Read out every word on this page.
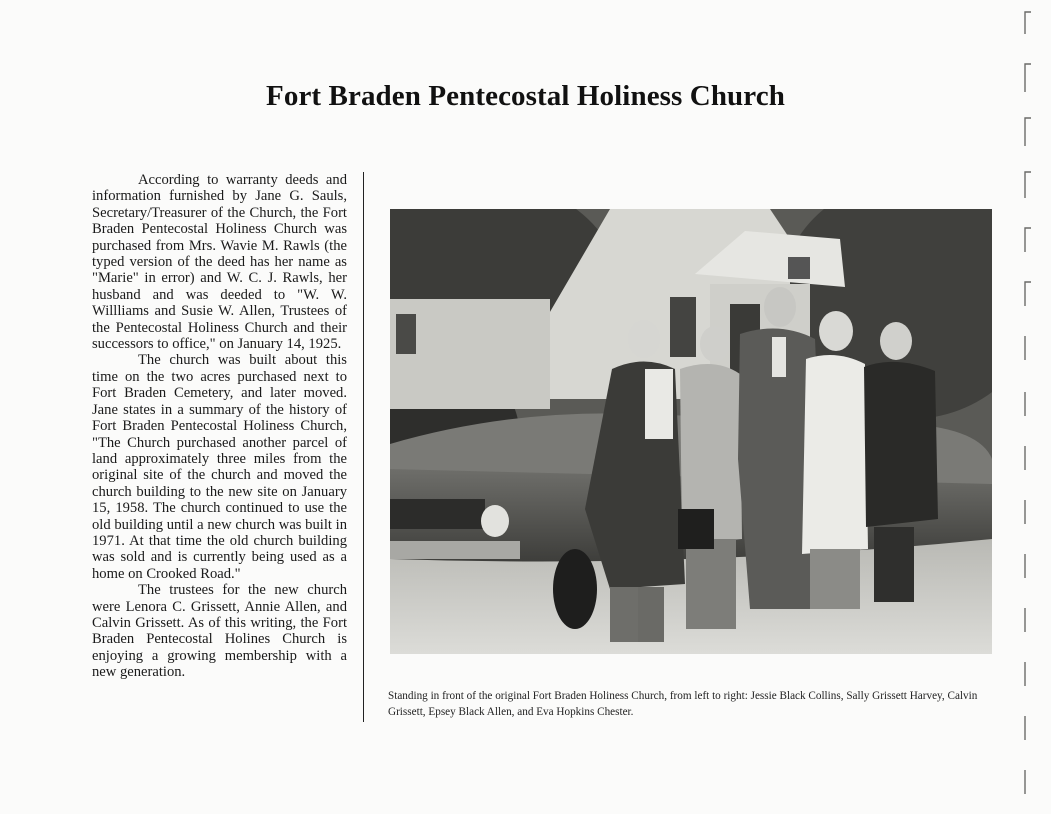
Fort Braden Pentecostal Holiness Church

According to warranty deeds and information furnished by Jane G. Sauls, Secretary/Treasurer of the Church, the Fort Braden Pentecostal Holiness Church was purchased from Mrs. Wavie M. Rawls (the typed version of the deed has her name as "Marie" in error) and W. C. J. Rawls, her husband and was deeded to "W. W. Willliams and Susie W. Allen, Trustees of the Pentecostal Holiness Church and their successors to office," on January 14, 1925.

The church was built about this time on the two acres purchased next to Fort Braden Cemetery, and later moved. Jane states in a summary of the history of Fort Braden Pentecostal Holiness Church, "The Church purchased another parcel of land approximately three miles from the original site of the church and moved the church building to the new site on January 15, 1958. The church continued to use the old building until a new church was built in 1971. At that time the old church building was sold and is currently being used as a home on Crooked Road."

The trustees for the new church were Lenora C. Grissett, Annie Allen, and Calvin Grissett. As of this writing, the Fort Braden Pentecostal Holines Church is enjoying a growing membership with a new generation.

Standing in front of the original Fort Braden Holiness Church, from left to right: Jessie Black Collins, Sally Grissett Harvey, Calvin Grissett, Epsey Black Allen, and Eva Hopkins Chester.
